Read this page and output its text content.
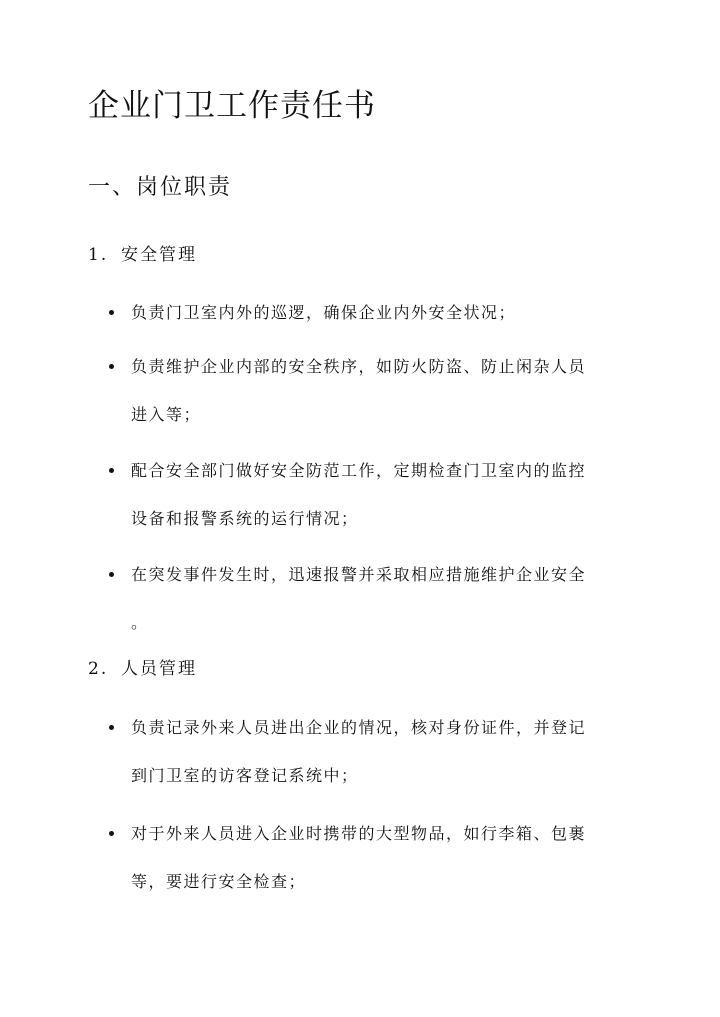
企业门卫工作责任书
一、岗位职责
1. 安全管理
负责门卫室内外的巡逻，确保企业内外安全状况；
负责维护企业内部的安全秩序，如防火防盗、防止闲杂人员
进入等；
配合安全部门做好安全防范工作，定期检查门卫室内的监控
设备和报警系统的运行情况；
在突发事件发生时，迅速报警并采取相应措施维护企业安全
。
2. 人员管理
负责记录外来人员进出企业的情况，核对身份证件，并登记
到门卫室的访客登记系统中；
对于外来人员进入企业时携带的大型物品，如行李箱、包裹
等，要进行安全检查；
